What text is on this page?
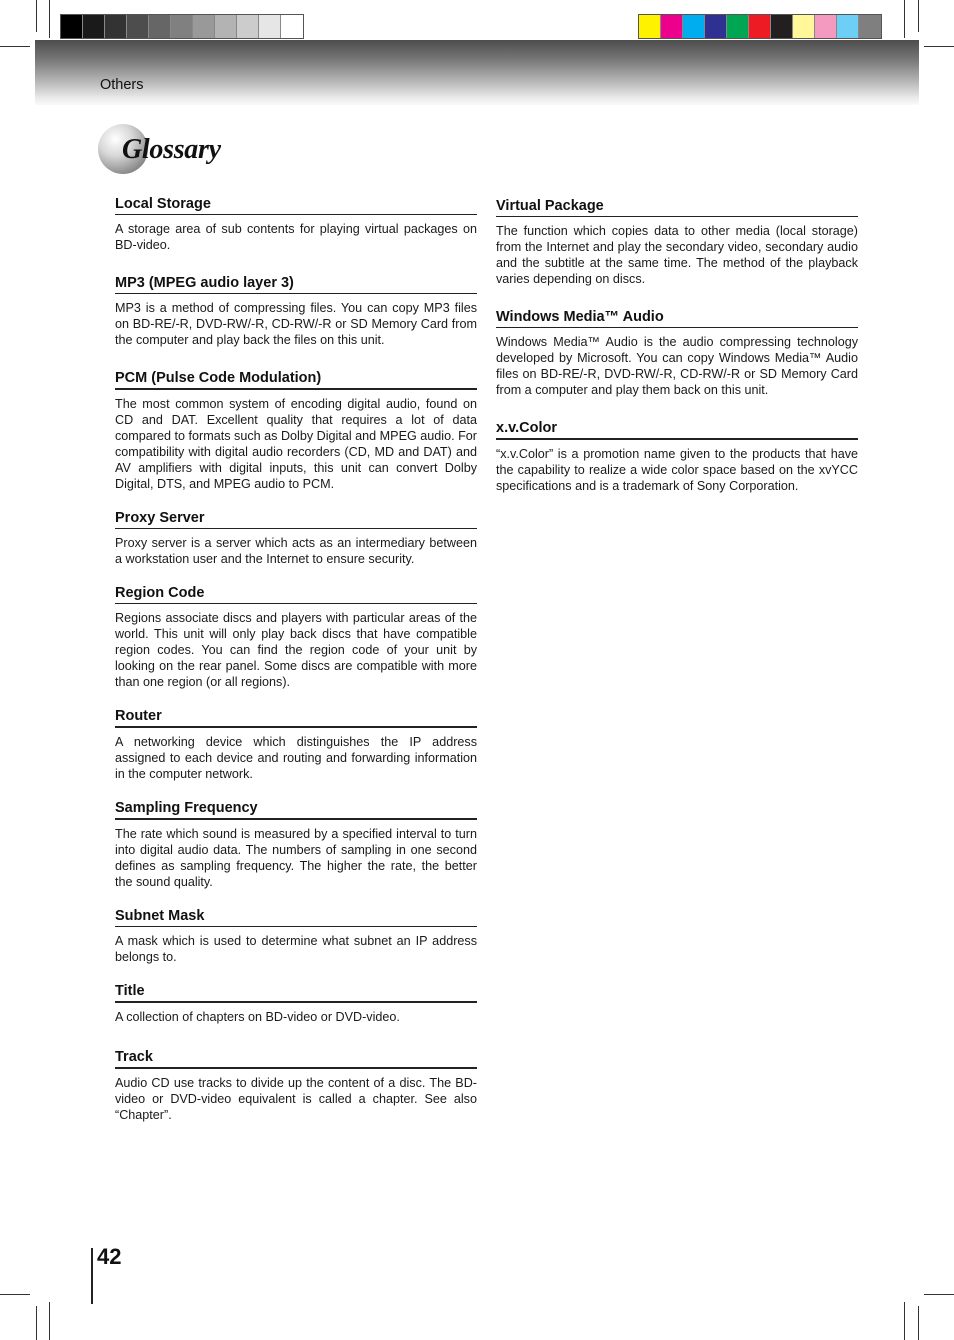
Others
Glossary
Local Storage

A storage area of sub contents for playing virtual packages on BD-video.

MP3 (MPEG audio layer 3)

MP3 is a method of compressing files. You can copy MP3 files on BD-RE/-R, DVD-RW/-R, CD-RW/-R or SD Memory Card from the computer and play back the files on this unit.

PCM (Pulse Code Modulation)

The most common system of encoding digital audio, found on CD and DAT. Excellent quality that requires a lot of data compared to formats such as Dolby Digital and MPEG audio. For compatibility with digital audio recorders (CD, MD and DAT) and AV amplifiers with digital inputs, this unit can convert Dolby Digital, DTS, and MPEG audio to PCM.

Proxy Server

Proxy server is a server which acts as an intermediary between a workstation user and the Internet to ensure security.

Region Code

Regions associate discs and players with particular areas of the world. This unit will only play back discs that have compatible region codes. You can find the region code of your unit by looking on the rear panel. Some discs are compatible with more than one region (or all regions).

Router

A networking device which distinguishes the IP address assigned to each device and routing and forwarding information in the computer network.

Sampling Frequency

The rate which sound is measured by a specified interval to turn into digital audio data. The numbers of sampling in one second defines as sampling frequency. The higher the rate, the better the sound quality.

Subnet Mask

A mask which is used to determine what subnet an IP address belongs to.

Title

A collection of chapters on BD-video or DVD-video.

Track

Audio CD use tracks to divide up the content of a disc. The BD-video or DVD-video equivalent is called a chapter. See also “Chapter”.

Virtual Package

The function which copies data to other media (local storage) from the Internet and play the secondary video, secondary audio and the subtitle at the same time. The method of the playback varies depending on discs.

Windows Media™ Audio

Windows Media™ Audio is the audio compressing technology developed by Microsoft. You can copy Windows Media™ Audio files on BD-RE/-R, DVD-RW/-R, CD-RW/-R or SD Memory Card from a computer and play them back on this unit.

x.v.Color

“x.v.Color” is a promotion name given to the products that have the capability to realize a wide color space based on the xvYCC specifications and is a trademark of Sony Corporation.

42
